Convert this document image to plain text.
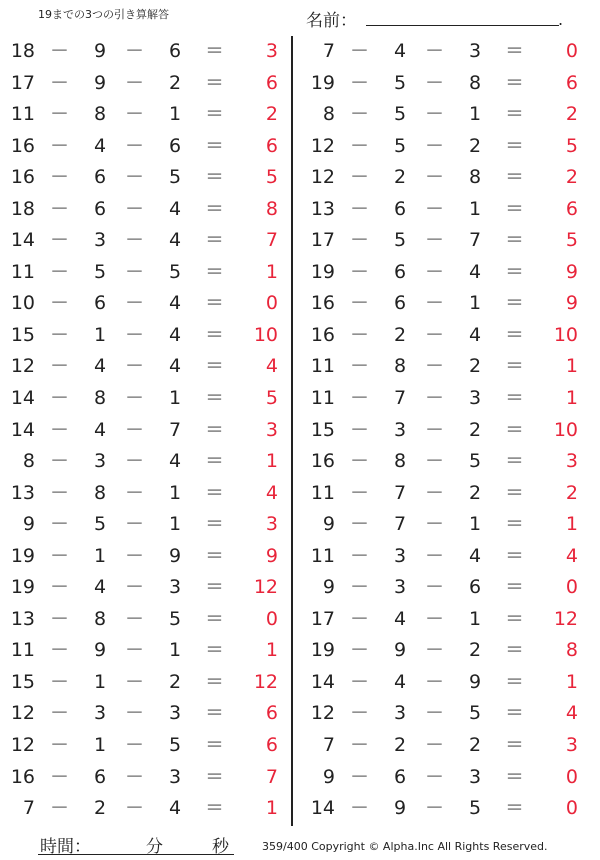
19までの3つの引き算解答	名前：	.
18 － 9 － 6 ＝ 3
17 － 9 － 2 ＝ 6
11 － 8 － 1 ＝ 2
16 － 4 － 6 ＝ 6
16 － 6 － 5 ＝ 5
18 － 6 － 4 ＝ 8
14 － 3 － 4 ＝ 7
11 － 5 － 5 ＝ 1
10 － 6 － 4 ＝ 0
15 － 1 － 4 ＝ 10
12 － 4 － 4 ＝ 4
14 － 8 － 1 ＝ 5
14 － 4 － 7 ＝ 3
8 － 3 － 4 ＝ 1
13 － 8 － 1 ＝ 4
9 － 5 － 1 ＝ 3
19 － 1 － 9 ＝ 9
19 － 4 － 3 ＝ 12
13 － 8 － 5 ＝ 0
11 － 9 － 1 ＝ 1
15 － 1 － 2 ＝ 12
12 － 3 － 3 ＝ 6
12 － 1 － 5 ＝ 6
16 － 6 － 3 ＝ 7
7 － 2 － 4 ＝ 1
7 － 4 － 3 ＝ 0
19 － 5 － 8 ＝ 6
8 － 5 － 1 ＝ 2
12 － 5 － 2 ＝ 5
12 － 2 － 8 ＝ 2
13 － 6 － 1 ＝ 6
17 － 5 － 7 ＝ 5
19 － 6 － 4 ＝ 9
16 － 6 － 1 ＝ 9
16 － 2 － 4 ＝ 10
11 － 8 － 2 ＝ 1
11 － 7 － 3 ＝ 1
15 － 3 － 2 ＝ 10
16 － 8 － 5 ＝ 3
11 － 7 － 2 ＝ 2
9 － 7 － 1 ＝ 1
11 － 3 － 4 ＝ 4
9 － 3 － 6 ＝ 0
17 － 4 － 1 ＝ 12
19 － 9 － 2 ＝ 8
14 － 4 － 9 ＝ 1
12 － 3 － 5 ＝ 4
7 － 2 － 2 ＝ 3
9 － 6 － 3 ＝ 0
14 － 9 － 5 ＝ 0
時間：	分	秒	359/400 Copyright © Alpha.Inc All Rights Reserved.
